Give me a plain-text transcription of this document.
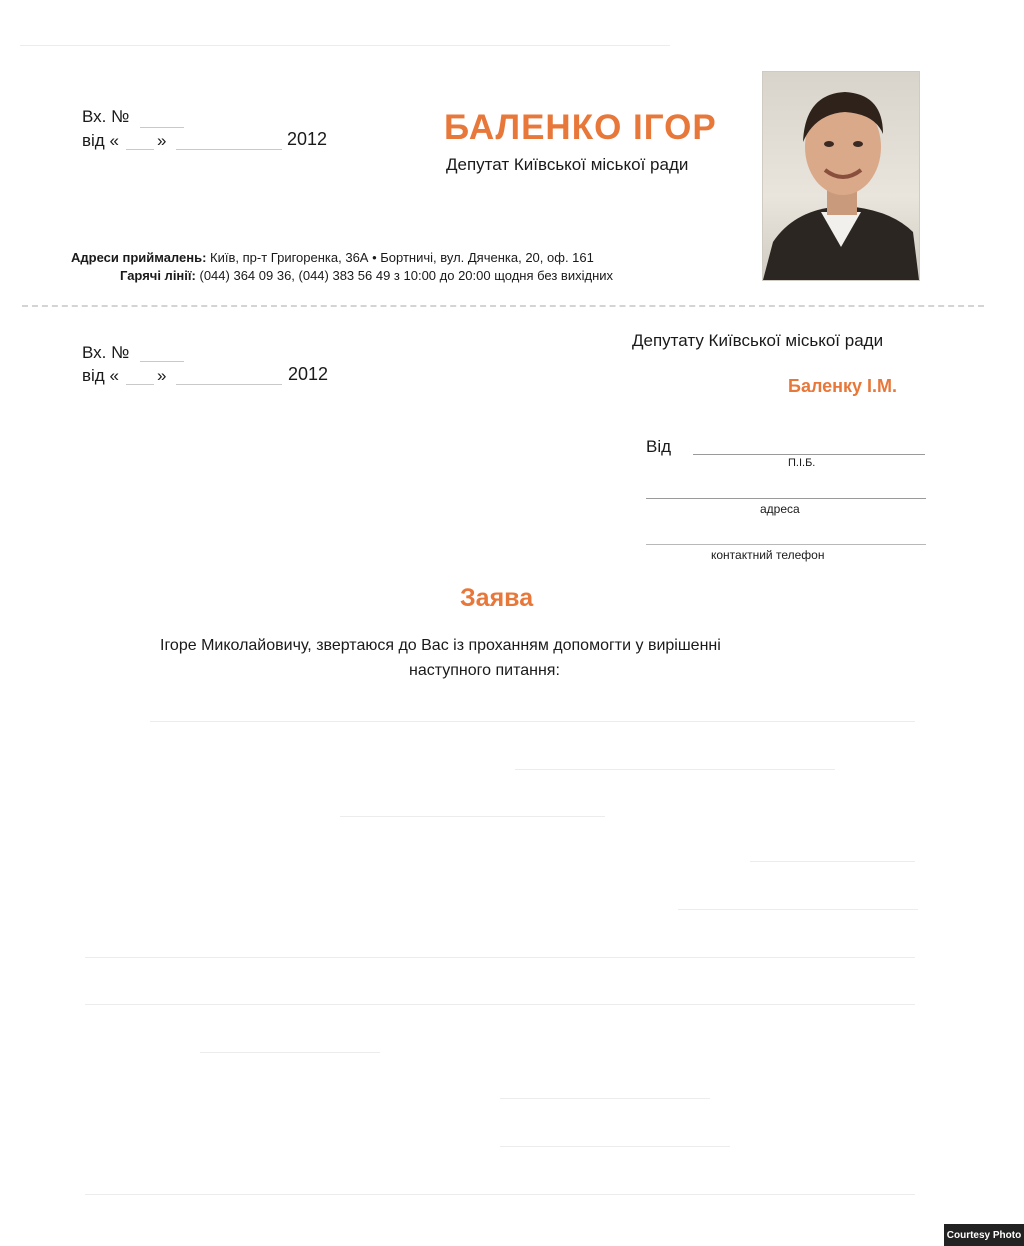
Вх. №
від « »	2012	БАЛЕНКО ІГОР
Депутат Київської міської ради
Адреси приймалень: Київ, пр-т Григоренка, 36А • Бортничі, вул. Дяченка, 20, оф. 161
Гарячі лінії: (044) 364 09 36, (044) 383 56 49 з 10:00 до 20:00 щодня без вихідних
Вх. №
від « »	2012
Депутату Київської міської ради
Баленку І.М.
Від
П.І.Б.
адреса
контактний телефон
Заява
Ігоре Миколайовичу, звертаюся до Вас із проханням допомогти у вирішенні
наступного питання:
Courtesy Photo
